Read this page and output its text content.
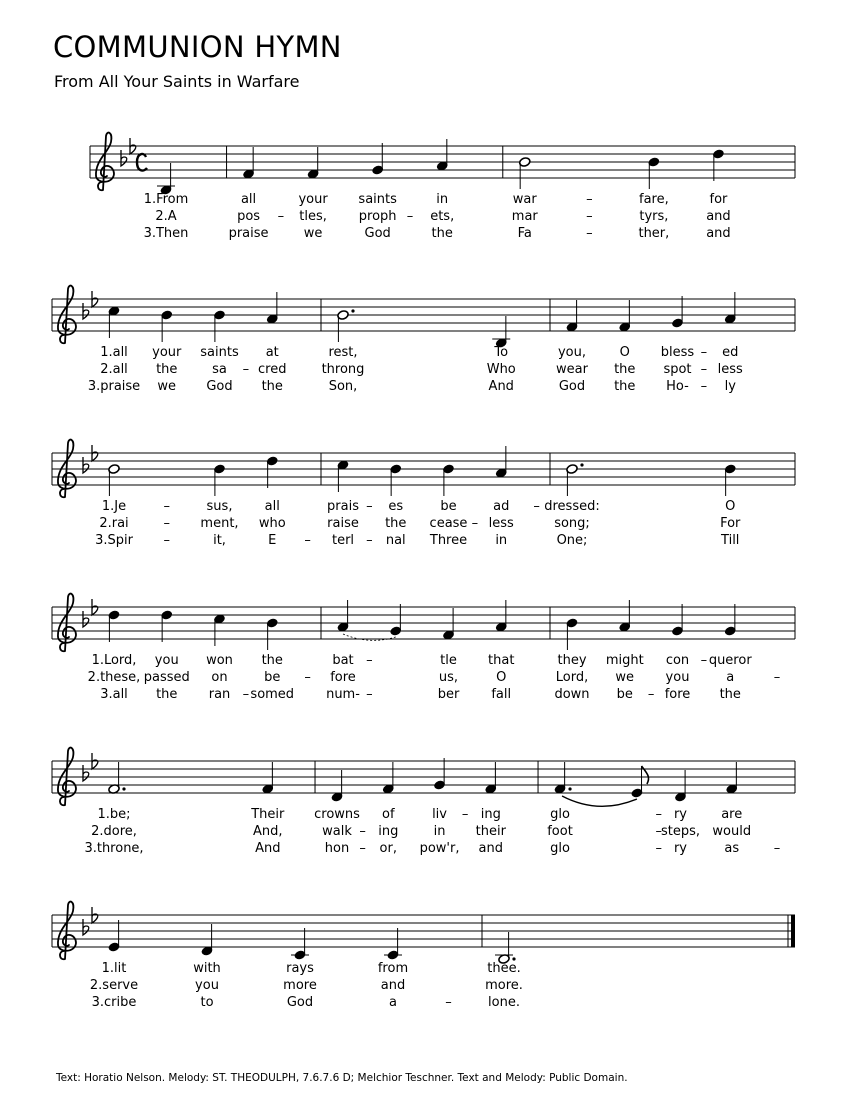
COMMUNION HYMN
From All Your Saints in Warfare
1.From
2.A
3.Then
all
pos
praise
–
your
tles,
we
saints
proph
God
–
in
ets,
the
war
mar
Fa
–
–
–
fare,
tyrs,
ther,
for
and
and
1.all
2.all
3.praise
your
the
we
saints
sa
God
–
at
cred
the
rest,
throng
Son,
To
Who
And
you,
wear
God
O
the
the
bless
spot
Ho-
–
–
–
ed
less
ly
1.Je
2.rai
3.Spir
–
–
–
sus,
ment,
it,
all
who
E –
prais
raise
terl
–
–
es
the
nal
be
cease
Three
–
ad
less
in
– dressed:
song;
One;
O
For
Till
1.Lord,
2.these,
3.all
you
passed
the
won
on
ran –
the
be
somed
–
bat
fore
num-
–
–
tle
us,
ber
that
O
fall
they
Lord,
down
might
we
be –
con
you
fore
– queror
a
the
–
1.be;
2.dore,
3.throne,
Their
And,
And
crowns
walk
hon
–
–
of
ing
or,
liv
in
pow'r,
– ing
their
and
glo
foot
glo
–
–
–
ry
steps,
ry
are
would
as	–
1.lit
2.serve
3.cribe
with
you
to
rays
more
God
from
and
a	–
thee.
more.
lone.
Text: Horatio Nelson. Melody: ST. THEODULPH, 7.6.7.6 D; Melchior Teschner. Text and Melody: Public Domain.
